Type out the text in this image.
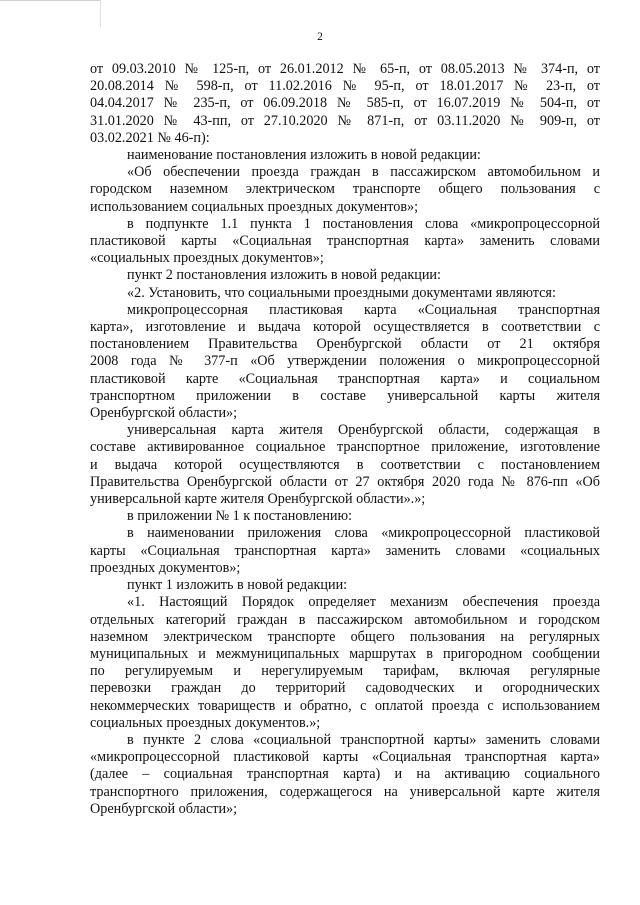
2

от 09.03.2010 № 125-п, от 26.01.2012 № 65-п, от 08.05.2013 № 374-п, от

20.08.2014 № 598-п, от 11.02.2016 № 95-п, от 18.01.2017 № 23-п, от

04.04.2017 № 235-п, от 06.09.2018 № 585-п, от 16.07.2019 № 504-п, от

31.01.2020 № 43-пп, от 27.10.2020 № 871-п, от 03.11.2020 № 909-п, от

03.02.2021 № 46-п):

наименование постановления изложить в новой редакции:

«Об обеспечении проезда граждан в пассажирском автомобильном и

городском наземном электрическом транспорте общего пользования с

использованием социальных проездных документов»;

в подпункте 1.1 пункта 1 постановления слова «микропроцессорной

пластиковой карты «Социальная транспортная карта» заменить словами

«социальных проездных документов»;

пункт 2 постановления изложить в новой редакции:

«2. Установить, что социальными проездными документами являются:

микропроцессорная пластиковая карта «Социальная транспортная

карта», изготовление и выдача которой осуществляется в соответствии с

постановлением Правительства Оренбургской области от 21 октября

2008 года № 377-п «Об утверждении положения о микропроцессорной

пластиковой карте «Социальная транспортная карта» и социальном

транспортном приложении в составе универсальной карты жителя

Оренбургской области»;

универсальная карта жителя Оренбургской области, содержащая в

составе активированное социальное транспортное приложение, изготовление

и выдача которой осуществляются в соответствии с постановлением

Правительства Оренбургской области от 27 октября 2020 года № 876-пп «Об

универсальной карте жителя Оренбургской области».»;

в приложении № 1 к постановлению:

в наименовании приложения слова «микропроцессорной пластиковой

карты «Социальная транспортная карта» заменить словами «социальных

проездных документов»;

пункт 1 изложить в новой редакции:

«1. Настоящий Порядок определяет механизм обеспечения проезда

отдельных категорий граждан в пассажирском автомобильном и городском

наземном электрическом транспорте общего пользования на регулярных

муниципальных и межмуниципальных маршрутах в пригородном сообщении

по регулируемым и нерегулируемым тарифам, включая регулярные

перевозки граждан до территорий садоводческих и огороднических

некоммерческих товариществ и обратно, с оплатой проезда с использованием

социальных проездных документов.»;

в пункте 2 слова «социальной транспортной карты» заменить словами

«микропроцессорной пластиковой карты «Социальная транспортная карта»

(далее – социальная транспортная карта) и на активацию социального

транспортного приложения, содержащегося на универсальной карте жителя

Оренбургской области»;
